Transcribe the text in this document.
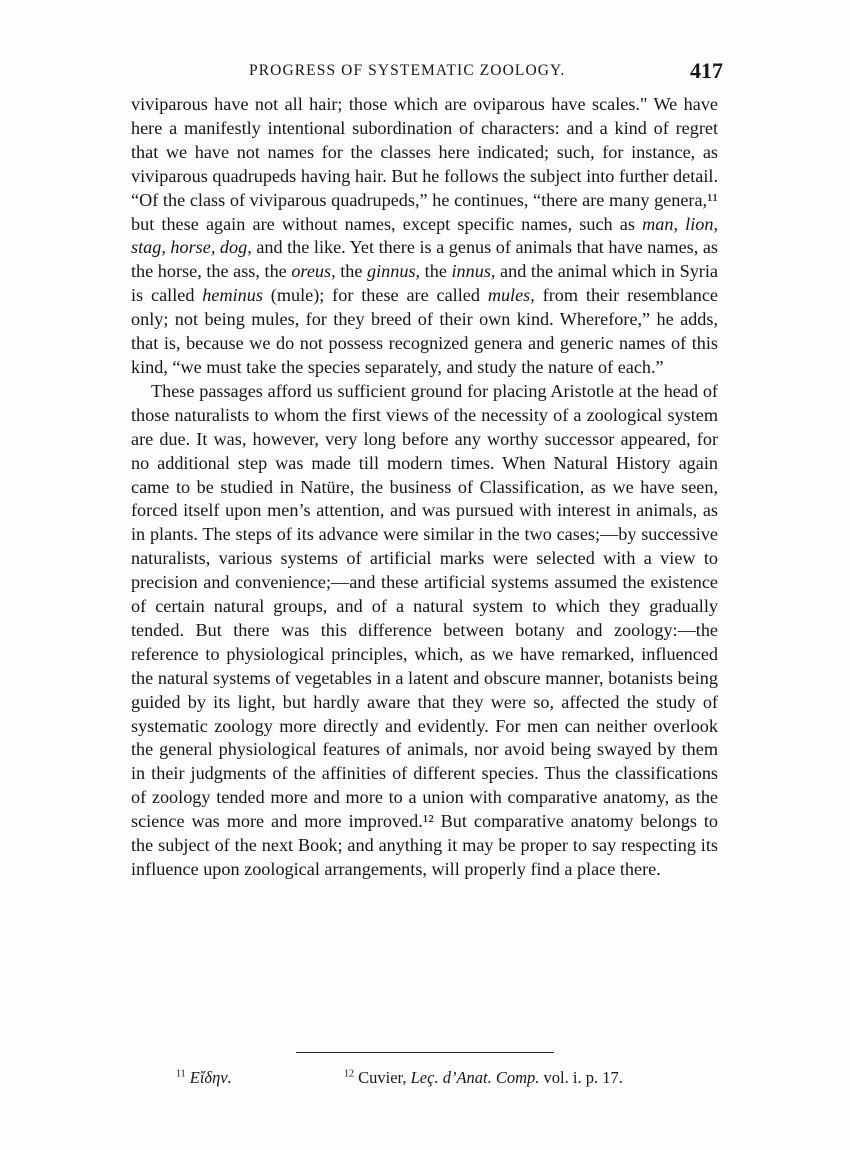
PROGRESS OF SYSTEMATIC ZOOLOGY.	417

viviparous have not all hair; those which are oviparous have scales." We have here a manifestly intentional subordination of characters: and a kind of regret that we have not names for the classes here indicated; such, for instance, as viviparous quadrupeds having hair. But he follows the subject into further detail. “Of the class of viviparous quadrupeds,” he continues, “there are many genera,¹¹ but these again are without names, except specific names, such as man, lion, stag, horse, dog, and the like. Yet there is a genus of animals that have names, as the horse, the ass, the oreus, the ginnus, the innus, and the animal which in Syria is called heminus (mule); for these are called mules, from their resemblance only; not being mules, for they breed of their own kind. Wherefore,” he adds, that is, because we do not possess recognized genera and generic names of this kind, “we must take the species separately, and study the nature of each.”

These passages afford us sufficient ground for placing Aristotle at the head of those naturalists to whom the first views of the necessity of a zoological system are due. It was, however, very long before any worthy successor appeared, for no additional step was made till modern times. When Natural History again came to be studied in Natüre, the business of Classification, as we have seen, forced itself upon men’s attention, and was pursued with interest in animals, as in plants. The steps of its advance were similar in the two cases;—by successive naturalists, various systems of artificial marks were selected with a view to precision and convenience;—and these artificial systems assumed the existence of certain natural groups, and of a natural system to which they gradually tended. But there was this difference between botany and zoology:—the reference to physiological principles, which, as we have remarked, influenced the natural systems of vegetables in a latent and obscure manner, botanists being guided by its light, but hardly aware that they were so, affected the study of systematic zoology more directly and evidently. For men can neither overlook the general physiological features of animals, nor avoid being swayed by them in their judgments of the affinities of different species. Thus the classifications of zoology tended more and more to a union with comparative anatomy, as the science was more and more improved.¹² But comparative anatomy belongs to the subject of the next Book; and anything it may be proper to say respecting its influence upon zoological arrangements, will properly find a place there.

$^{11}$ Eἴδην.	$^{12}$ Cuvier, Leç. d’Anat. Comp. vol. i. p. 17.
